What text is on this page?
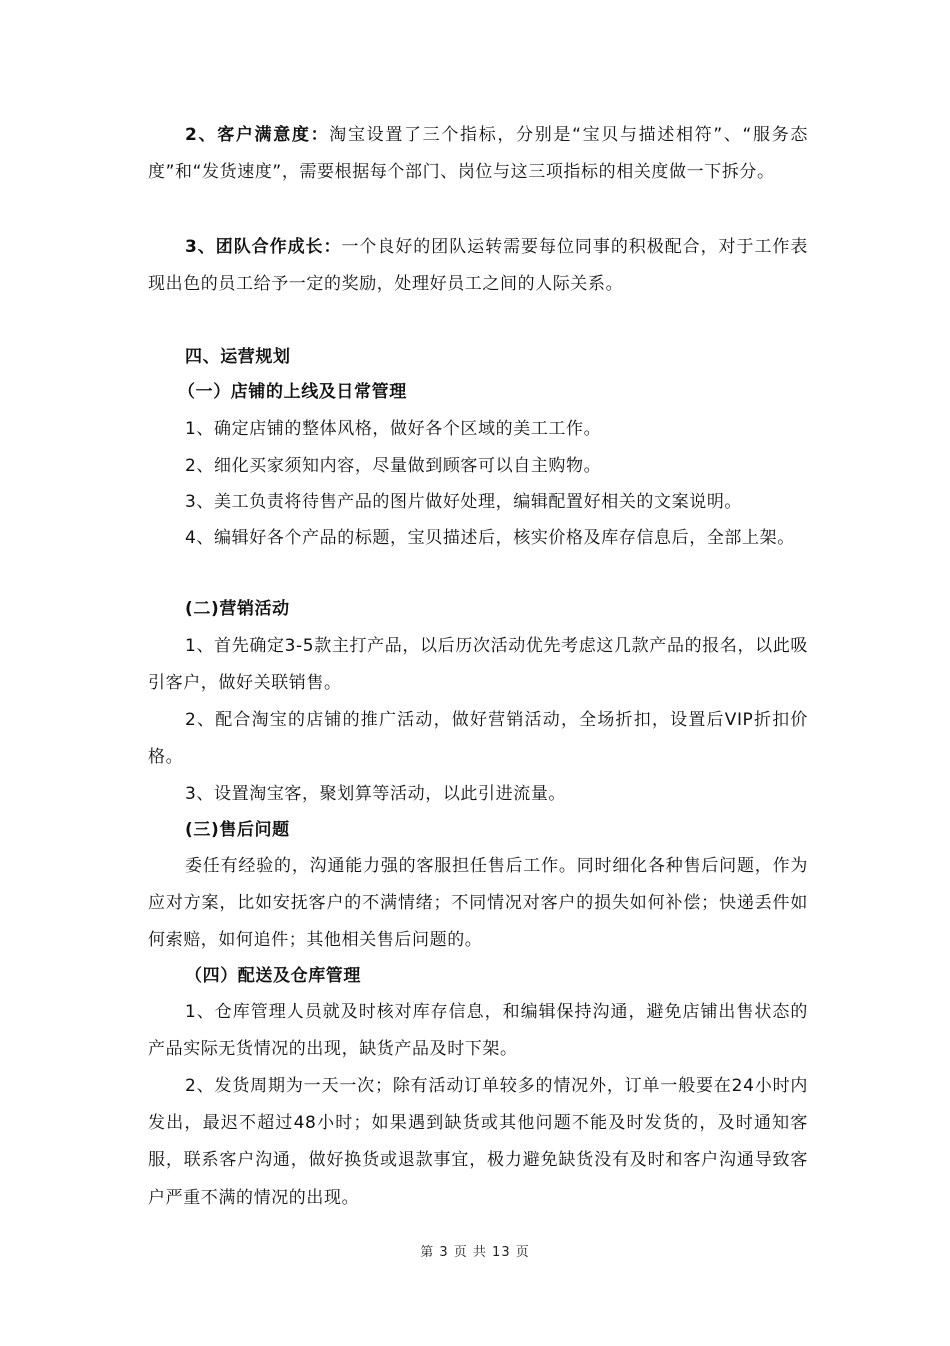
2、客户满意度：淘宝设置了三个指标，分别是“宝贝与描述相符”、“服务态度”和“发货速度”，需要根据每个部门、岗位与这三项指标的相关度做一下拆分。

3、团队合作成长：一个良好的团队运转需要每位同事的积极配合，对于工作表现出色的员工给予一定的奖励，处理好员工之间的人际关系。

四、运营规划
（一）店铺的上线及日常管理

1、确定店铺的整体风格，做好各个区域的美工工作。

2、细化买家须知内容，尽量做到顾客可以自主购物。

3、美工负责将待售产品的图片做好处理，编辑配置好相关的文案说明。

4、编辑好各个产品的标题，宝贝描述后，核实价格及库存信息后，全部上架。

(二)营销活动

1、首先确定3-5款主打产品，以后历次活动优先考虑这几款产品的报名，以此吸引客户，做好关联销售。

2、配合淘宝的店铺的推广活动，做好营销活动，全场折扣，设置后VIP折扣价格。

3、设置淘宝客，聚划算等活动，以此引进流量。

(三)售后问题

委任有经验的，沟通能力强的客服担任售后工作。同时细化各种售后问题，作为应对方案，比如安抚客户的不满情绪；不同情况对客户的损失如何补偿；快递丢件如何索赔，如何追件；其他相关售后问题的。

（四）配送及仓库管理

1、仓库管理人员就及时核对库存信息，和编辑保持沟通，避免店铺出售状态的产品实际无货情况的出现，缺货产品及时下架。

2、发货周期为一天一次；除有活动订单较多的情况外，订单一般要在24小时内发出，最迟不超过48小时；如果遇到缺货或其他问题不能及时发货的，及时通知客服，联系客户沟通，做好换货或退款事宜，极力避免缺货没有及时和客户沟通导致客户严重不满的情况的出现。

第 3 页 共 13 页
